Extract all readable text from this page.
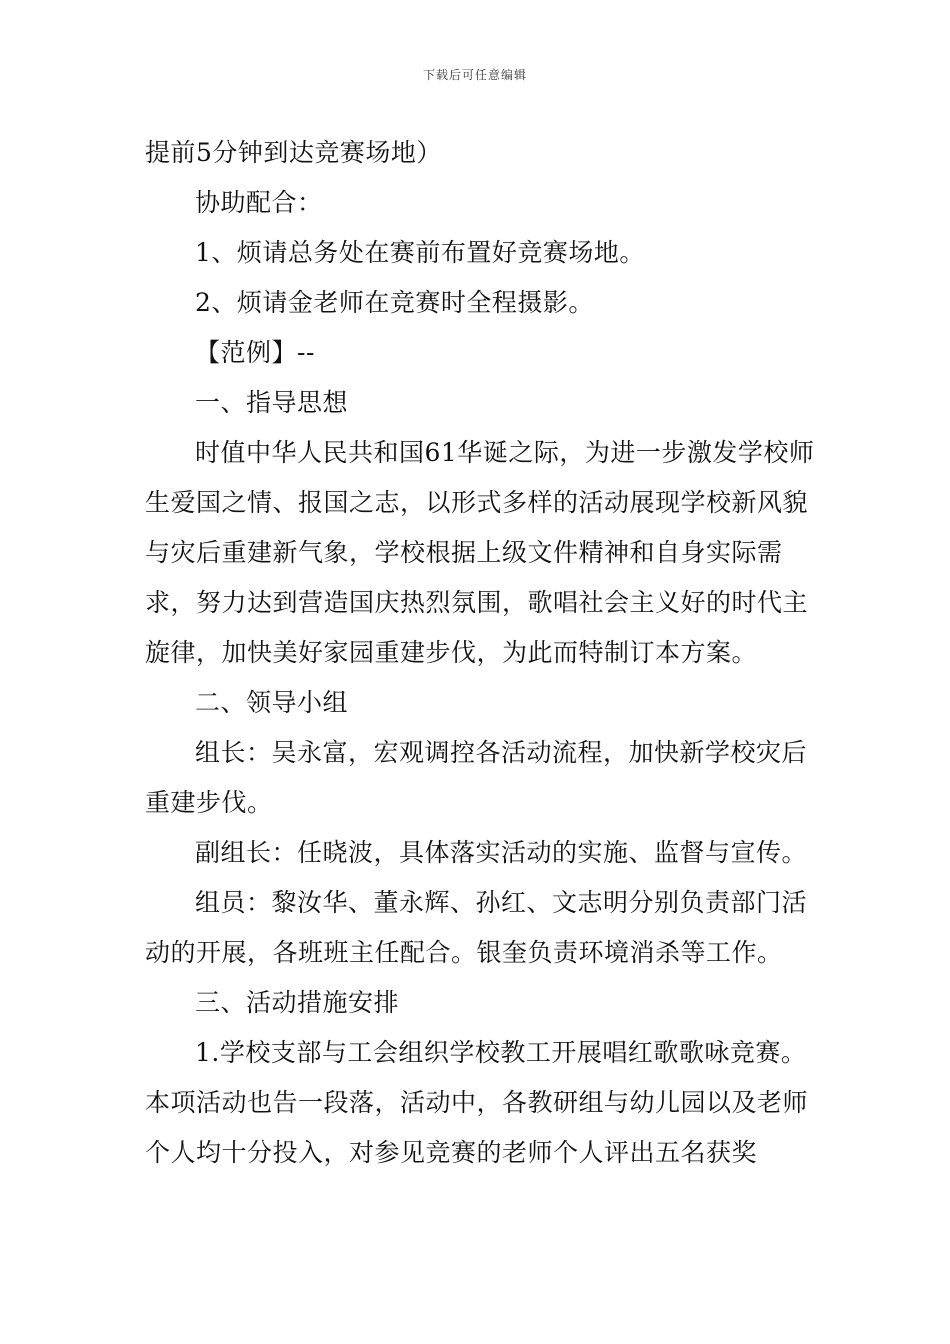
下载后可任意编辑

提前5分钟到达竞赛场地）

协助配合：

1、烦请总务处在赛前布置好竞赛场地。

2、烦请金老师在竞赛时全程摄影。

【范例】--

一、指导思想

时值中华人民共和国61华诞之际，为进一步激发学校师生爱国之情、报国之志，以形式多样的活动展现学校新风貌与灾后重建新气象，学校根据上级文件精神和自身实际需求，努力达到营造国庆热烈氛围，歌唱社会主义好的时代主旋律，加快美好家园重建步伐，为此而特制订本方案。

二、领导小组

组长：吴永富，宏观调控各活动流程，加快新学校灾后重建步伐。

副组长：任晓波，具体落实活动的实施、监督与宣传。

组员：黎汝华、董永辉、孙红、文志明分别负责部门活动的开展，各班班主任配合。银奎负责环境消杀等工作。

三、活动措施安排

1.学校支部与工会组织学校教工开展唱红歌歌咏竞赛。本项活动也告一段落，活动中，各教研组与幼儿园以及老师个人均十分投入，对参见竞赛的老师个人评出五名获奖
